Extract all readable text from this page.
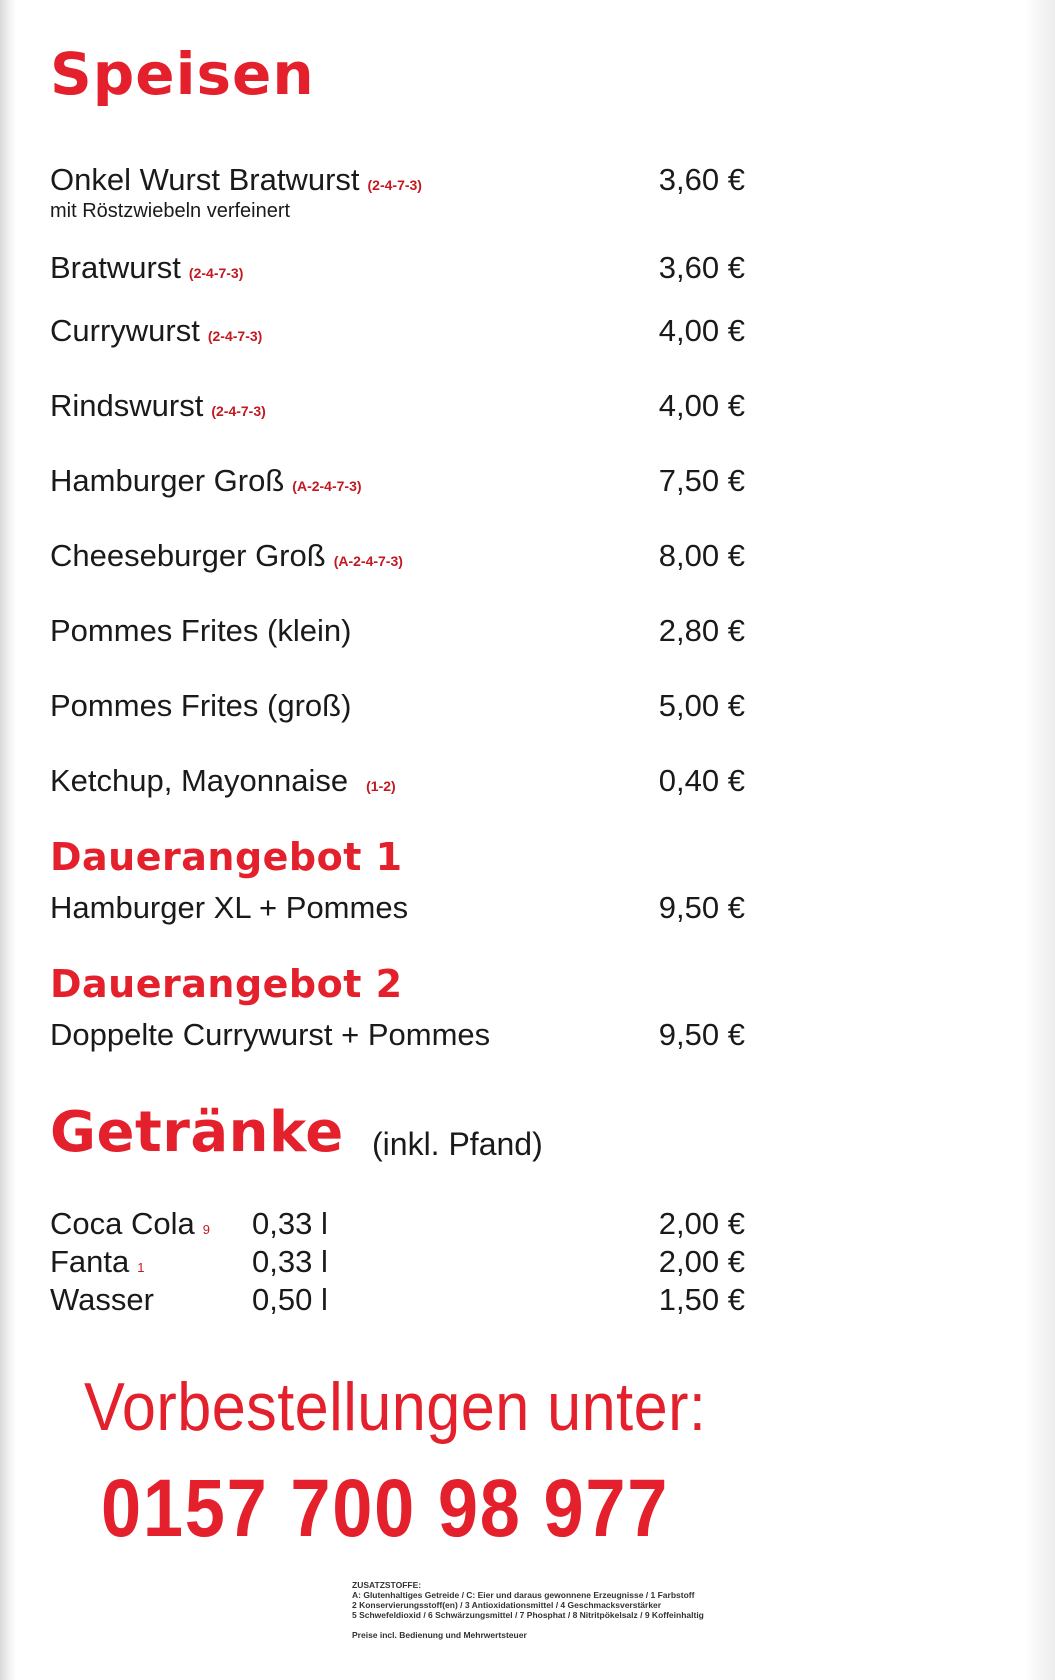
Speisen
Onkel Wurst Bratwurst (2-4-7-3)
mit Röstzwiebeln verfeinert
3,60 €
Bratwurst (2-4-7-3)	3,60 €
Currywurst (2-4-7-3)	4,00 €
Rindswurst (2-4-7-3)	4,00 €
Hamburger Groß (A-2-4-7-3)	7,50 €
Cheeseburger Groß (A-2-4-7-3)	8,00 €
Pommes Frites (klein)	2,80 €
Pommes Frites (groß)	5,00 €
Ketchup, Mayonnaise (1-2)	0,40 €
Dauerangebot 1
Hamburger XL + Pommes	9,50 €
Dauerangebot 2
Doppelte Currywurst + Pommes	9,50 €
Getränke (inkl. Pfand)
Coca Cola 9 0,33 l	2,00 €
Fanta 1	0,33 l	2,00 €
Wasser	0,50 l	1,50 €
Vorbestellungen unter:
0157 700 98 977
ZUSATZSTOFFE:
A: Glutenhaltiges Getreide / C: Eier und daraus gewonnene Erzeugnisse / 1 Farbstoff
2 Konservierungsstoff(en) / 3 Antioxidationsmittel / 4 Geschmacksverstärker
5 Schwefeldioxid / 6 Schwärzungsmittel / 7 Phosphat / 8 Nitritpökelsalz / 9 Koffeinhaltig
Preise incl. Bedienung und Mehrwertsteuer
